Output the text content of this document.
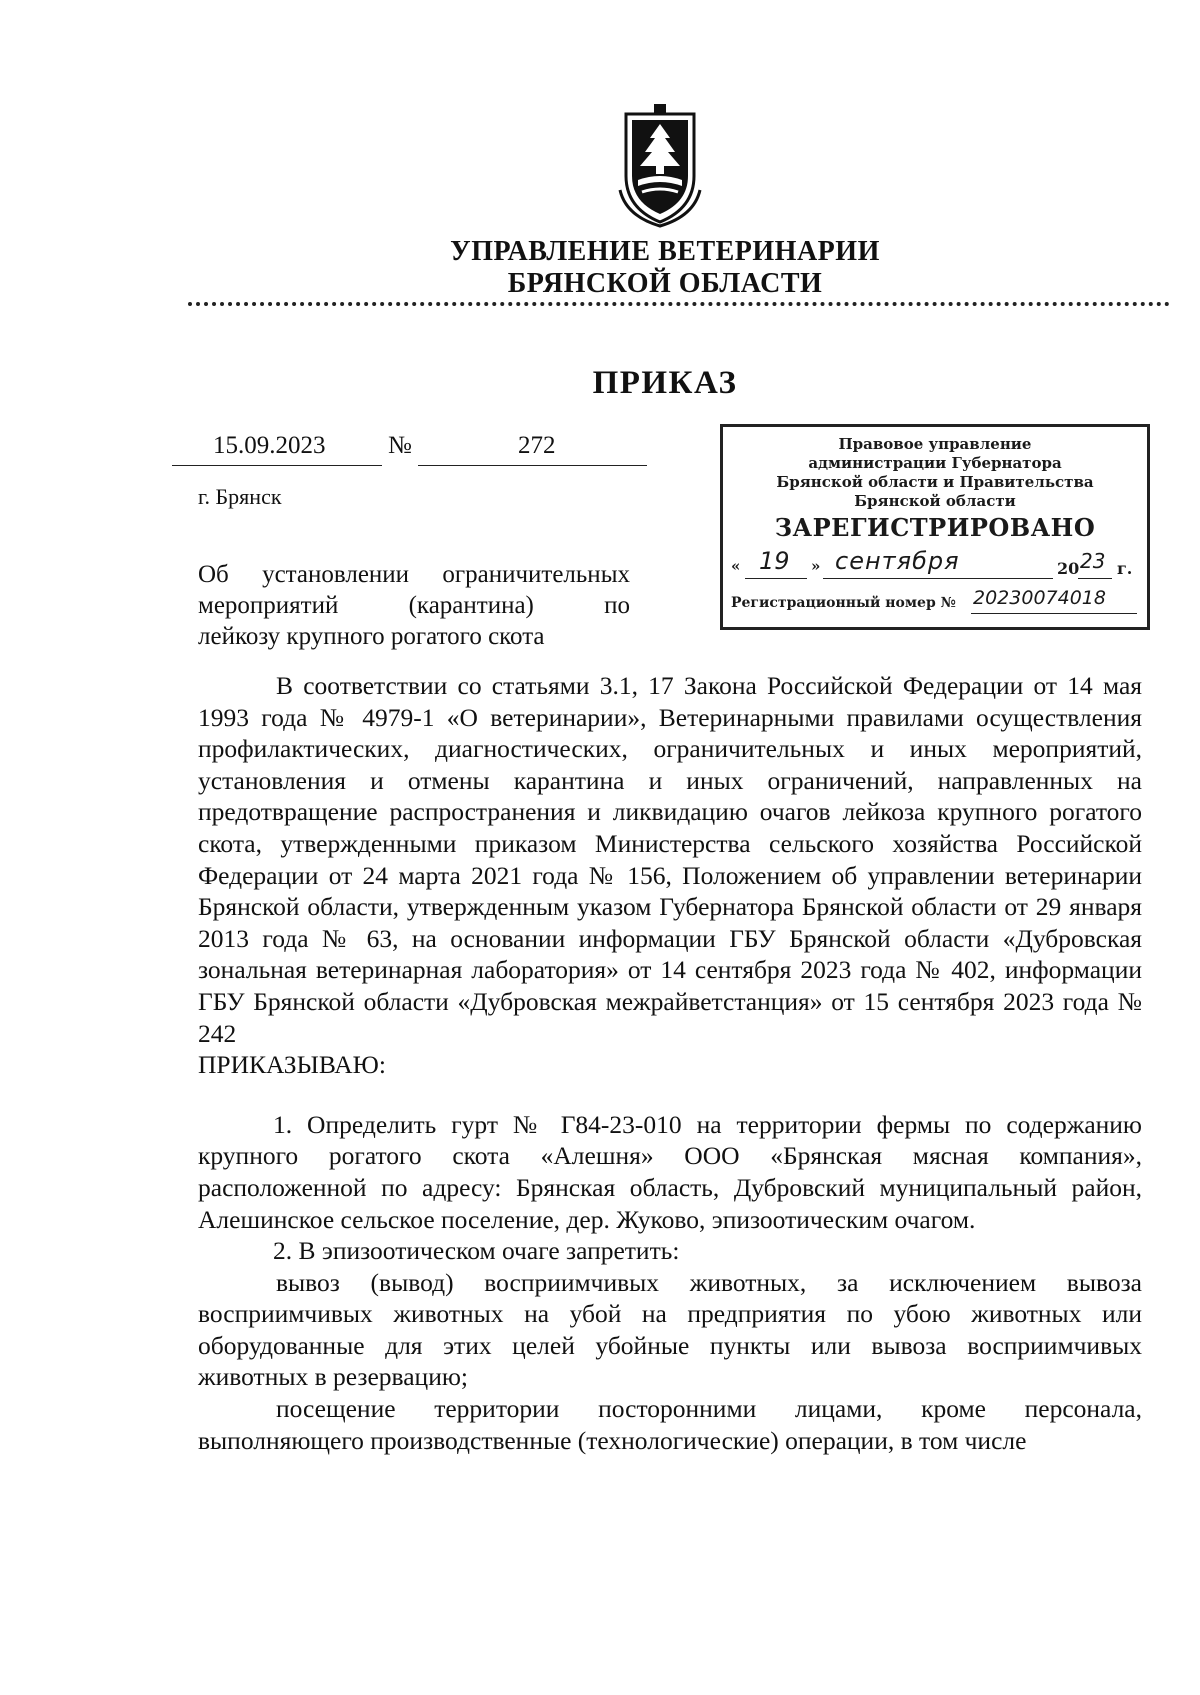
УПРАВЛЕНИЕ ВЕТЕРИНАРИИ
БРЯНСКОЙ ОБЛАСТИ
ПРИКАЗ
15.09.2023	№	272
г. Брянск
Об установлении ограничительных
мероприятий (карантина) по
лейкозу крупного рогатого скота
Правовое управление
администрации Губернатора
Брянской области и Правительства
Брянской области
ЗАРЕГИСТРИРОВАНО
« 19 » сентября	20 23 г.
Регистрационный номер № 20230074018

В соответствии со статьями 3.1, 17 Закона Российской Федерации от 14 мая 1993 года № 4979-1 «О ветеринарии», Ветеринарными правилами осуществления профилактических, диагностических, ограничительных и иных мероприятий, установления и отмены карантина и иных ограничений, направленных на предотвращение распространения и ликвидацию очагов лейкоза крупного рогатого скота, утвержденными приказом Министерства сельского хозяйства Российской Федерации от 24 марта 2021 года № 156, Положением об управлении ветеринарии Брянской области, утвержденным указом Губернатора Брянской области от 29 января 2013 года № 63, на основании информации ГБУ Брянской области «Дубровская зональная ветеринарная лаборатория» от 14 сентября 2023 года № 402, информации ГБУ Брянской области «Дубровская межрайветстанция» от 15 сентября 2023 года № 242

ПРИКАЗЫВАЮ:

1. Определить гурт № Г84-23-010 на территории фермы по содержанию крупного рогатого скота «Алешня» ООО «Брянская мясная компания», расположенной по адресу: Брянская область, Дубровский муниципальный район, Алешинское сельское поселение, дер. Жуково, эпизоотическим очагом.

2. В эпизоотическом очаге запретить:

вывоз (вывод) восприимчивых животных, за исключением вывоза восприимчивых животных на убой на предприятия по убою животных или оборудованные для этих целей убойные пункты или вывоза восприимчивых животных в резервацию;

посещение территории посторонними лицами, кроме персонала, выполняющего производственные (технологические) операции, в том числе
